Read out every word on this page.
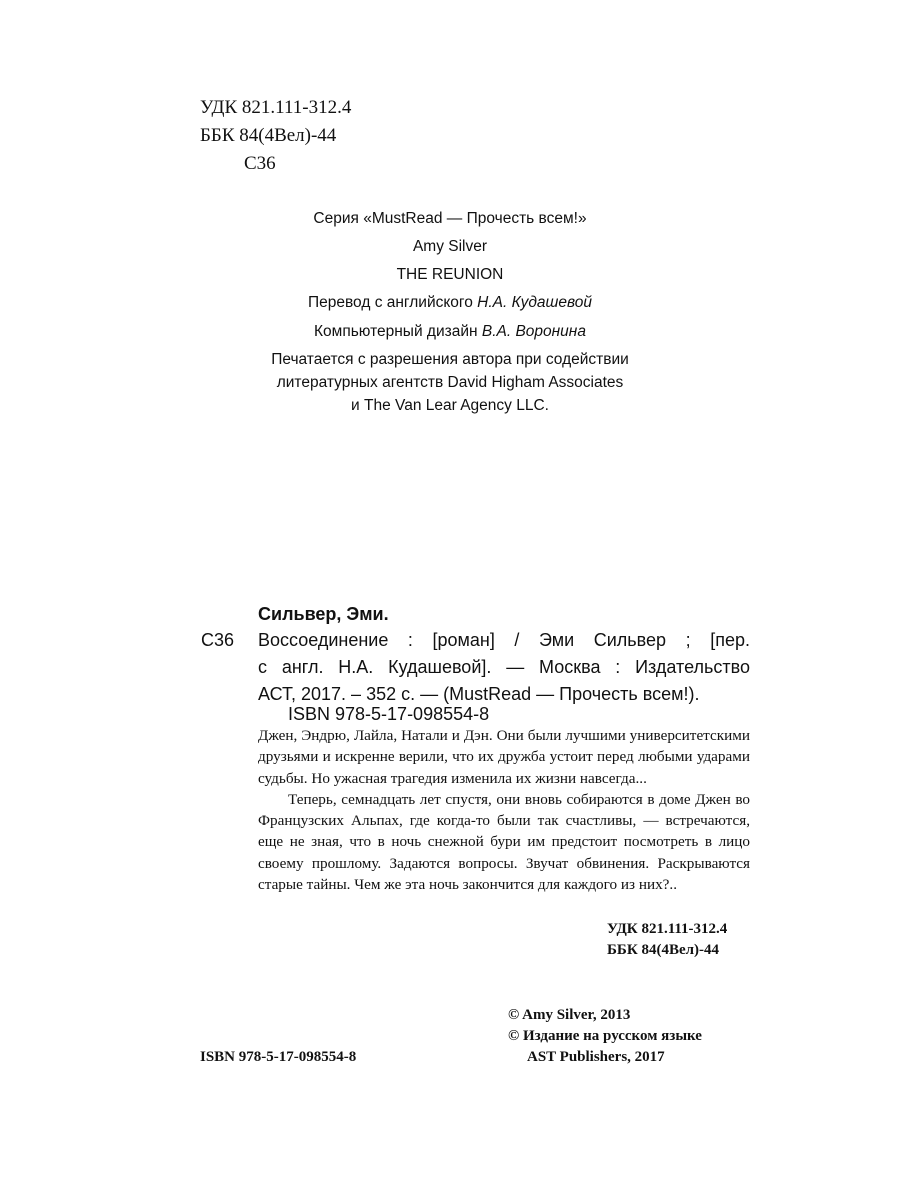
УДК 821.111-312.4
ББК 84(4Вел)-44
С36
Серия «MustRead — Прочесть всем!»
Amy Silver
THE REUNION
Перевод с английского Н.А. Кудашевой
Компьютерный дизайн В.А. Воронина
Печатается с разрешения автора при содействии
литературных агентств David Higham Associates
и The Van Lear Agency LLC.
Сильвер, Эми.
С36 Воссоединение : [роман] / Эми Сильвер ; [пер.
с англ. Н.А. Кудашевой]. — Москва : Издательство
АСТ, 2017. – 352 с. — (MustRead — Прочесть всем!).
ISBN 978-5-17-098554-8

Джен, Эндрю, Лайла, Натали и Дэн. Они были лучшими университетскими друзьями и искренне верили, что их дружба устоит перед любыми ударами судьбы. Но ужасная трагедия изменила их жизни навсегда...

Теперь, семнадцать лет спустя, они вновь собираются в доме Джен во Французских Альпах, где когда-то были так счастливы, — встречаются, еще не зная, что в ночь снежной бури им предстоит посмотреть в лицо своему прошлому. Задаются вопросы. Звучат обвинения. Раскрываются старые тайны. Чем же эта ночь закончится для каждого из них?..

УДК 821.111-312.4
ББК 84(4Вел)-44
© Amy Silver, 2013
© Издание на русском языке
AST Publishers, 2017
ISBN 978-5-17-098554-8
